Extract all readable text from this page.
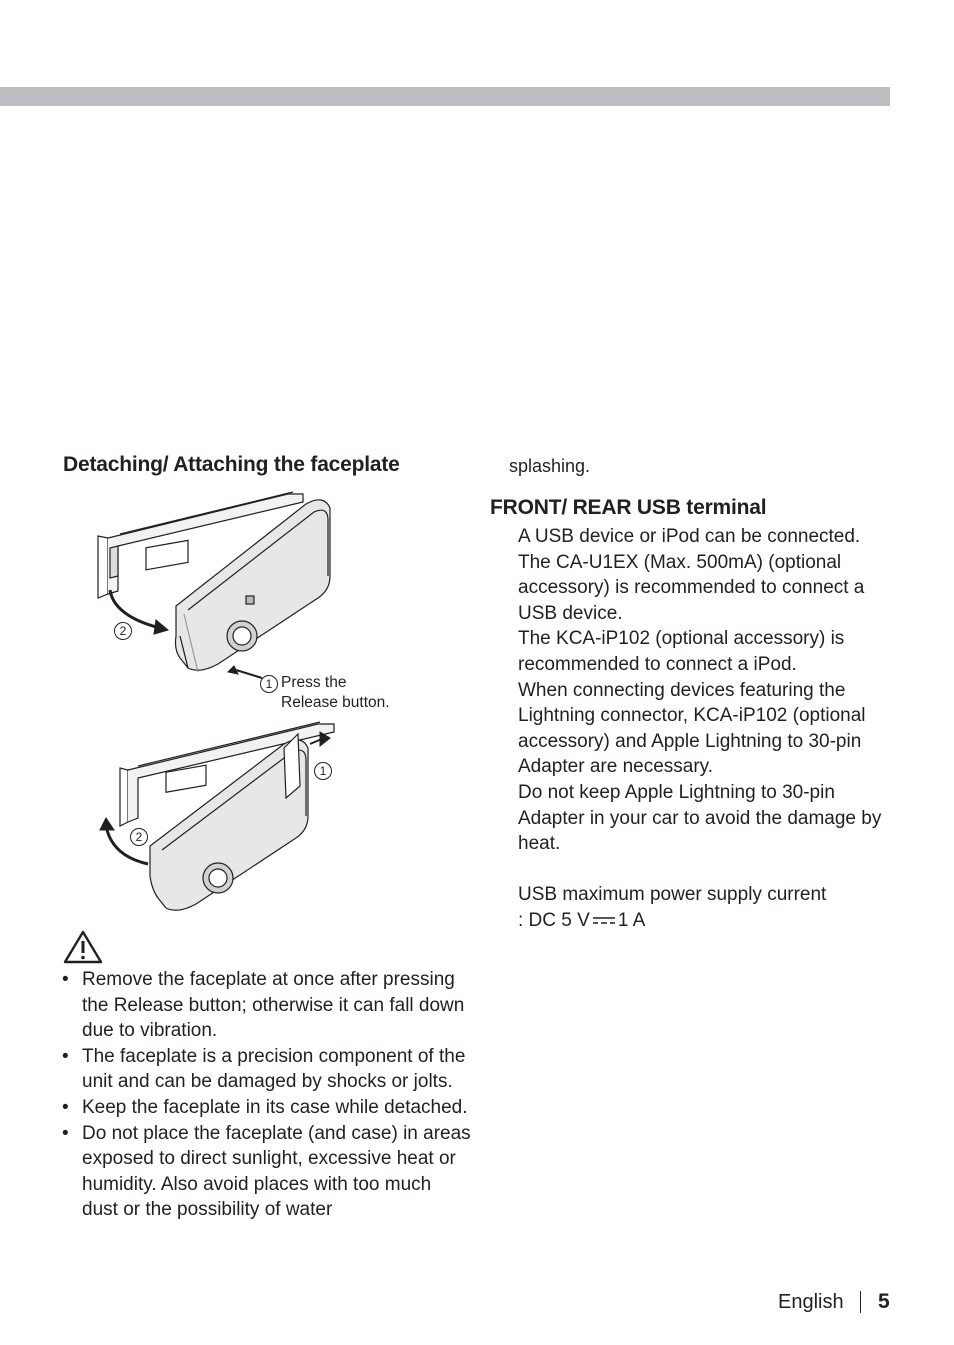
Detaching/ Attaching the faceplate
2
1 Press the
Release button.
1
2
• Remove the faceplate at once after pressing the Release button; otherwise it can fall down due to vibration.
• The faceplate is a precision component of the unit and can be damaged by shocks or jolts.
• Keep the faceplate in its case while detached.
• Do not place the faceplate (and case) in areas exposed to direct sunlight, excessive heat or humidity. Also avoid places with too much dust or the possibility of water
splashing.
FRONT/ REAR USB terminal

A USB device or iPod can be connected.

The CA-U1EX (Max. 500mA) (optional accessory) is recommended to connect a USB device.

The KCA-iP102 (optional accessory) is recommended to connect a iPod.

When connecting devices featuring the Lightning connector, KCA-iP102 (optional accessory) and Apple Lightning to 30-pin Adapter are necessary.

Do not keep Apple Lightning to 30-pin Adapter in your car to avoid the damage by heat.

USB maximum power supply current

: DC 5 V 1 A

English 5
